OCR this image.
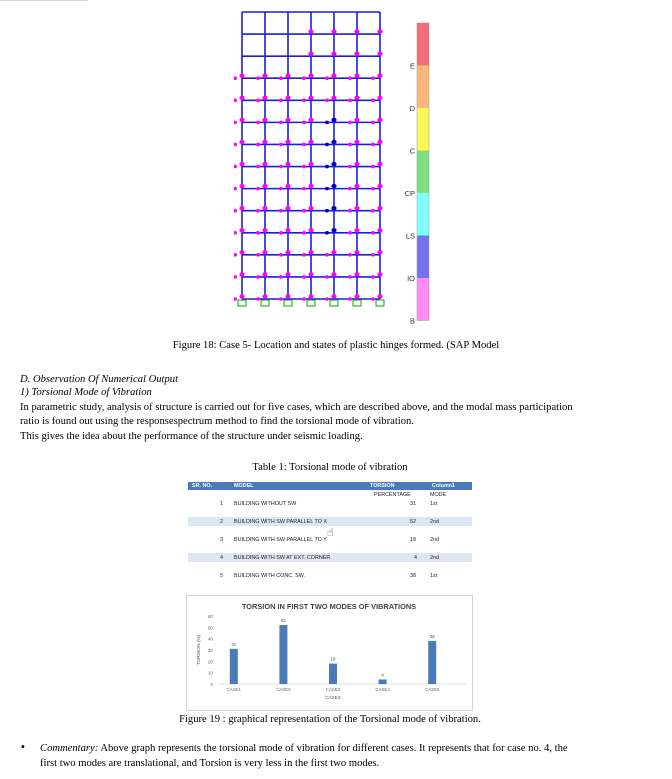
E
D
C
CP
LS
IO
B
Figure 18: Case 5- Location and states of plastic hinges formed. (SAP Model
D. Observation Of Numerical Output
1) Torsional Mode of Vibration
In parametric study, analysis of structure is carried out for five cases, which are described above, and the modal mass participation
ratio is found out using the responsespectrum method to find the torsional mode of vibration.
This gives the idea about the performance of the structure under seismic loading.
Table 1: Torsional mode of vibration
SR. NO.	MODEL	TORSION	Column1
PERCENTAGE	MODE
1 BUILDING WITHOUT SW	31	1st
2 BUILDING WITH SW PARALLEL TO X	52	2nd
3 BUILDING WITH SW PARALLEL TO Y	18	2nd
4 BUILDING WITH SW AT EXT. CORNER	4 2nd
5 BUILDING WITH CONC. SW.	38	1st
☝
TORSION IN FIRST TWO MODES OF VIBRATIONS
0
10
20
30
40
50
60
TORSION (%)	31
CASE1
52
CASE2
18
CASE3
4
CASE4
38
CASE5
CASES
Figure 19 : graphical representation of the Torsional mode of vibration.
• Commentary: Above graph represents the torsional mode of vibration for different cases. It represents that for case no. 4, the
first two modes are translational, and Torsion is very less in the first two modes.
